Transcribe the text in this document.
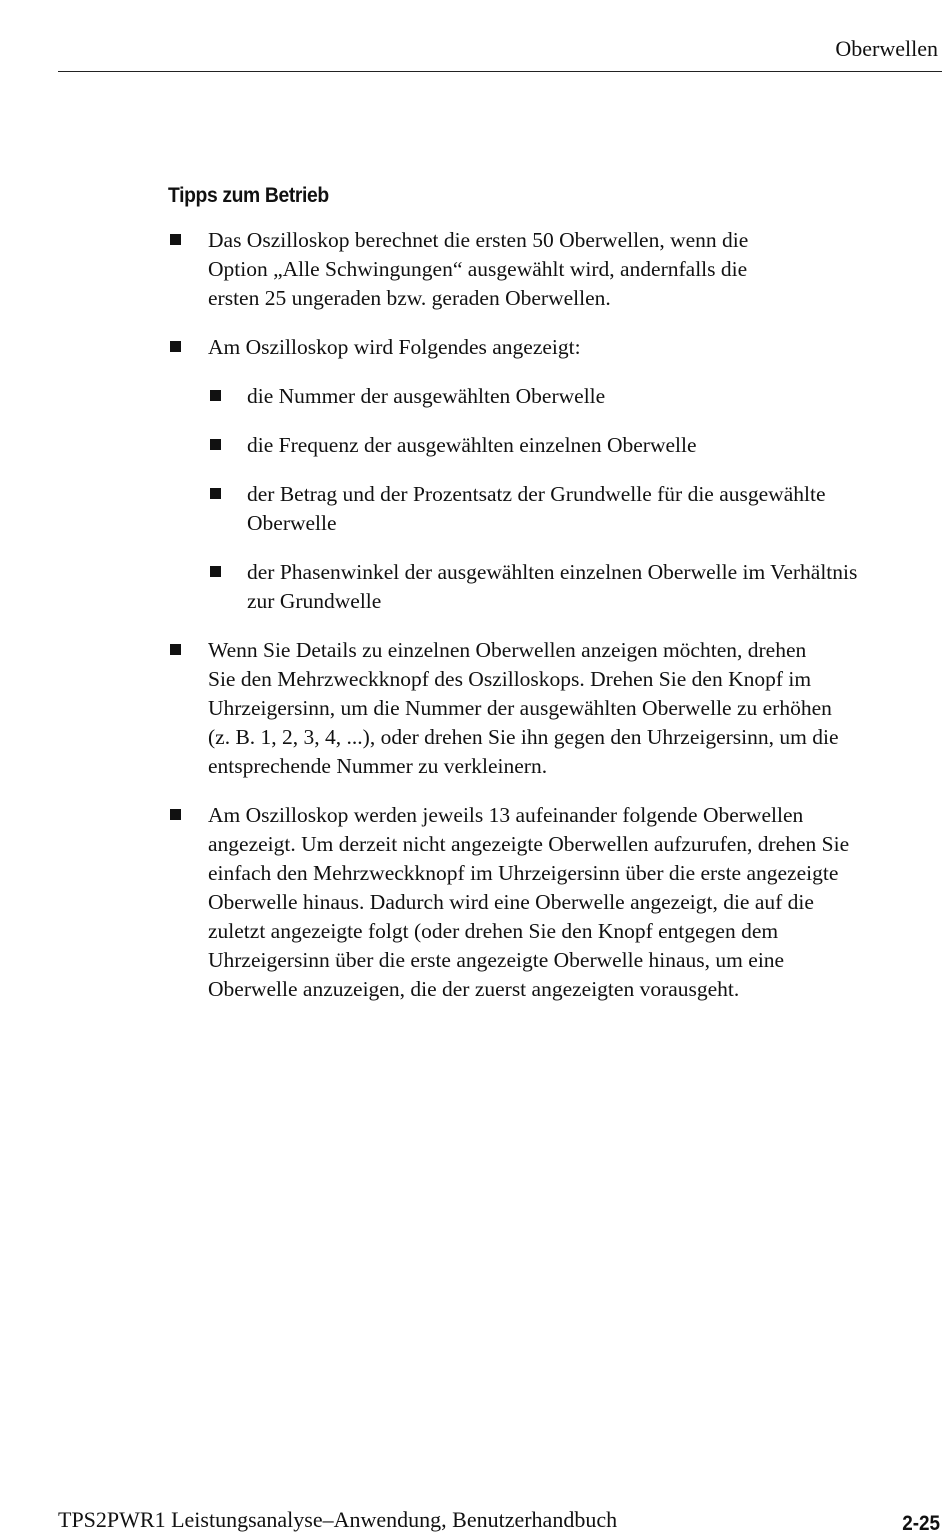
Oberwellen
Tipps zum Betrieb
Das Oszilloskop berechnet die ersten 50 Oberwellen, wenn die
Option „Alle Schwingungen“ ausgewählt wird, andernfalls die
ersten 25 ungeraden bzw. geraden Oberwellen.
Am Oszilloskop wird Folgendes angezeigt:
die Nummer der ausgewählten Oberwelle
die Frequenz der ausgewählten einzelnen Oberwelle
der Betrag und der Prozentsatz der Grundwelle für die ausgewählte
Oberwelle
der Phasenwinkel der ausgewählten einzelnen Oberwelle im Verhältnis
zur Grundwelle
Wenn Sie Details zu einzelnen Oberwellen anzeigen möchten, drehen
Sie den Mehrzweckknopf des Oszilloskops. Drehen Sie den Knopf im
Uhrzeigersinn, um die Nummer der ausgewählten Oberwelle zu erhöhen
(z. B. 1, 2, 3, 4, ...), oder drehen Sie ihn gegen den Uhrzeigersinn, um die
entsprechende Nummer zu verkleinern.
Am Oszilloskop werden jeweils 13 aufeinander folgende Oberwellen
angezeigt. Um derzeit nicht angezeigte Oberwellen aufzurufen, drehen Sie
einfach den Mehrzweckknopf im Uhrzeigersinn über die erste angezeigte
Oberwelle hinaus. Dadurch wird eine Oberwelle angezeigt, die auf die
zuletzt angezeigte folgt (oder drehen Sie den Knopf entgegen dem
Uhrzeigersinn über die erste angezeigte Oberwelle hinaus, um eine
Oberwelle anzuzeigen, die der zuerst angezeigten vorausgeht.
TPS2PWR1 Leistungsanalyse–Anwendung, Benutzerhandbuch	2-25
